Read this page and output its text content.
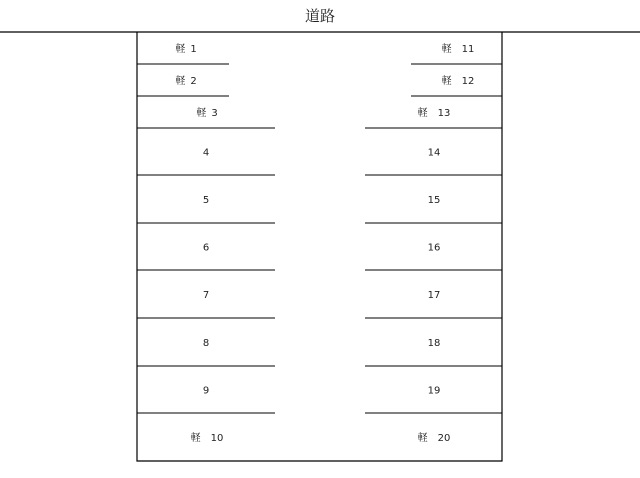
道路
軽  1
軽  2
軽  3
4
5
6
7
8
9
軽  10
軽  11
軽  12
軽  13
14
15
16
17
18
19
軽  20
